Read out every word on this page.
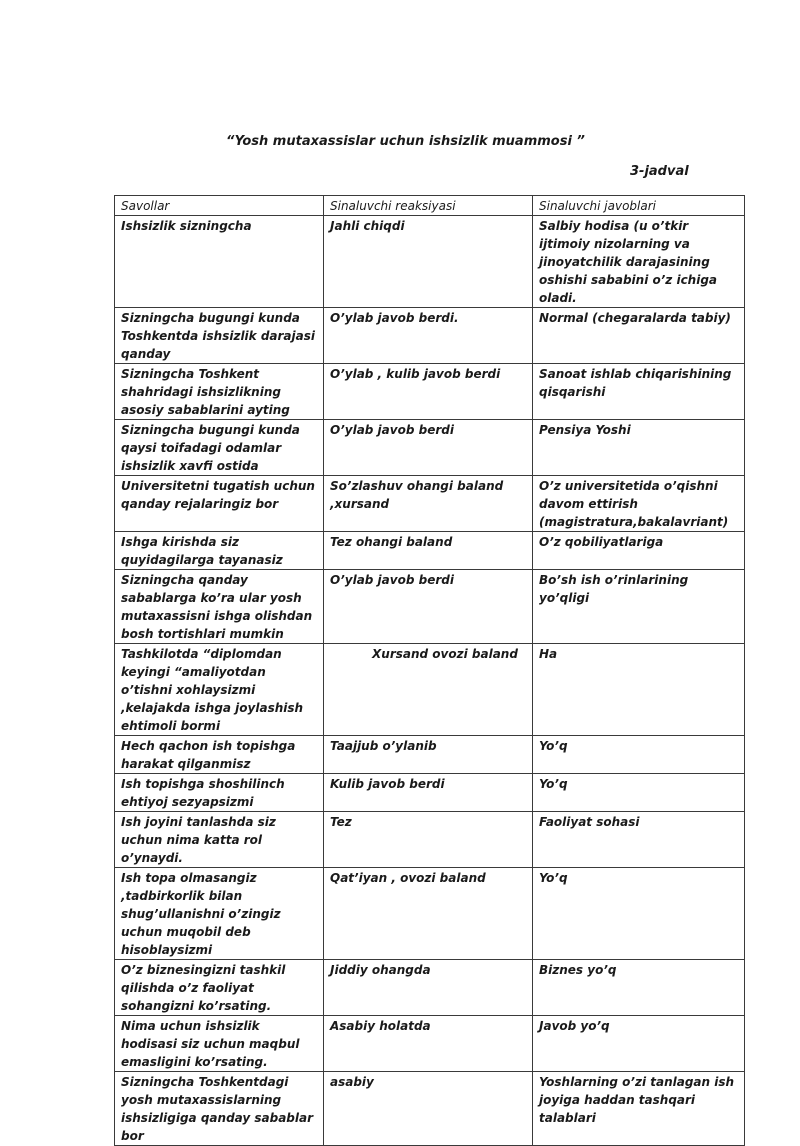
“Yosh mutaxassislar uchun ishsizlik muammosi ”
3-jadval
Savollar	Sinaluvchi reaksiyasi	Sinaluvchi javoblari
Ishsizlik sizningcha	Jahli chiqdi	Salbiy hodisa (u o’tkir ijtimoiy nizolarning va jinoyatchilik darajasining oshishi sababini o’z ichiga oladi.
Sizningcha bugungi kunda Toshkentda ishsizlik darajasi qanday	O’ylab javob berdi.	Normal (chegaralarda tabiy)
Sizningcha Toshkent shahridagi ishsizlikning asosiy sabablarini ayting	O’ylab , kulib javob berdi	Sanoat ishlab chiqarishining qisqarishi
Sizningcha bugungi kunda qaysi toifadagi odamlar ishsizlik xavfi ostida	O’ylab javob berdi	Pensiya Yoshi
Universitetni tugatish uchun qanday rejalaringiz bor	So’zlashuv ohangi baland ,xursand	O’z universitetida o’qishni davom ettirish (magistratura,bakalavriant)
Ishga kirishda siz quyidagilarga tayanasiz	Tez ohangi baland	O’z qobiliyatlariga
Sizningcha qanday sabablarga ko’ra ular yosh mutaxassisni ishga olishdan bosh tortishlari mumkin	O’ylab javob berdi	Bo’sh ish o’rinlarining yo’qligi
Tashkilotda “diplomdan keyingi “amaliyotdan o’tishni xohlaysizmi ,kelajakda ishga joylashish ehtimoli bormi	Xursand ovozi baland	Ha
Hech qachon ish topishga harakat qilganmisz	Taajjub o’ylanib	Yo’q
Ish topishga shoshilinch ehtiyoj sezyapsizmi	Kulib javob berdi	Yo’q
Ish joyini tanlashda siz uchun nima katta rol o’ynaydi.	Tez	Faoliyat sohasi
Ish topa olmasangiz ,tadbirkorlik bilan shug’ullanishni o’zingiz uchun muqobil deb hisoblaysizmi	Qat’iyan , ovozi baland	Yo’q
O’z biznesingizni tashkil qilishda o’z faoliyat sohangizni ko’rsating.	Jiddiy ohangda	Biznes yo’q
Nima uchun ishsizlik hodisasi siz uchun maqbul emasligini ko’rsating.	Asabiy holatda	Javob yo’q
Sizningcha Toshkentdagi yosh mutaxassislarning ishsizligiga qanday sabablar bor	asabiy	Yoshlarning o’zi tanlagan ish joyiga haddan tashqari talablari
